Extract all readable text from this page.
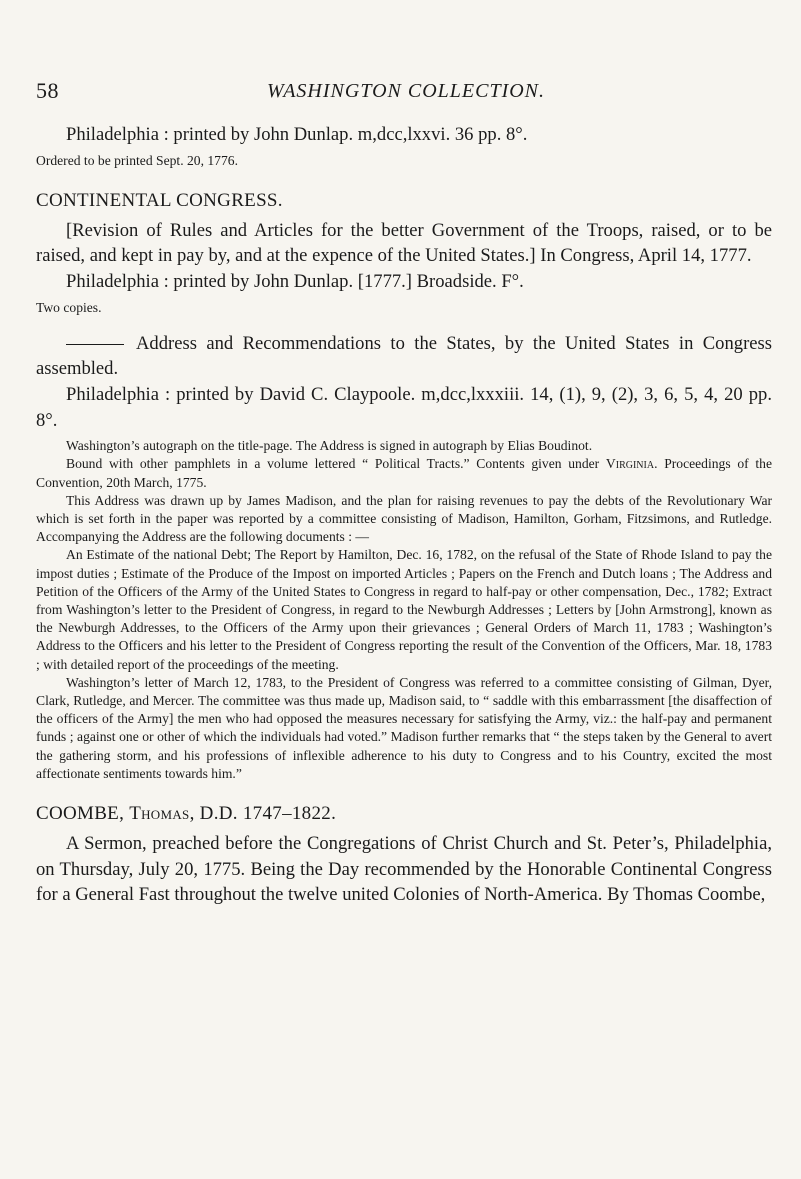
58	WASHINGTON COLLECTION.

Philadelphia : printed by John Dunlap. m,dcc,lxxvi. 36 pp. 8°.

Ordered to be printed Sept. 20, 1776.

CONTINENTAL CONGRESS.

[Revision of Rules and Articles for the better Government of the Troops, raised, or to be raised, and kept in pay by, and at the expence of the United States.] In Congress, April 14, 1777.

Philadelphia : printed by John Dunlap. [1777.] Broadside. F°.

Two copies.

Address and Recommendations to the States, by the United States in Congress assembled.

Philadelphia : printed by David C. Claypoole. m,dcc,lxxxiii. 14, (1), 9, (2), 3, 6, 5, 4, 20 pp. 8°.

Washington’s autograph on the title-page. The Address is signed in autograph by Elias Boudinot.

Bound with other pamphlets in a volume lettered “ Political Tracts.” Contents given under Virginia. Proceedings of the Convention, 20th March, 1775.

This Address was drawn up by James Madison, and the plan for raising revenues to pay the debts of the Revolutionary War which is set forth in the paper was reported by a committee consisting of Madison, Hamilton, Gorham, Fitzsimons, and Rutledge. Accompanying the Address are the following documents : —

An Estimate of the national Debt; The Report by Hamilton, Dec. 16, 1782, on the refusal of the State of Rhode Island to pay the impost duties ; Estimate of the Produce of the Impost on imported Articles ; Papers on the French and Dutch loans ; The Address and Petition of the Officers of the Army of the United States to Congress in regard to half-pay or other compensation, Dec., 1782; Extract from Washington’s letter to the President of Congress, in regard to the Newburgh Addresses ; Letters by [John Armstrong], known as the Newburgh Addresses, to the Officers of the Army upon their grievances ; General Orders of March 11, 1783 ; Washington’s Address to the Officers and his letter to the President of Congress reporting the result of the Convention of the Officers, Mar. 18, 1783 ; with detailed report of the proceedings of the meeting.

Washington’s letter of March 12, 1783, to the President of Congress was referred to a committee consisting of Gilman, Dyer, Clark, Rutledge, and Mercer. The committee was thus made up, Madison said, to “ saddle with this embarrassment [the disaffection of the officers of the Army] the men who had opposed the measures necessary for satisfying the Army, viz.: the half-pay and permanent funds ; against one or other of which the individuals had voted.” Madison further remarks that “ the steps taken by the General to avert the gathering storm, and his professions of inflexible adherence to his duty to Congress and to his Country, excited the most affectionate sentiments towards him.”

COOMBE, Thomas, D.D. 1747–1822.

A Sermon, preached before the Congregations of Christ Church and St. Peter’s, Philadelphia, on Thursday, July 20, 1775. Being the Day recommended by the Honorable Continental Congress for a General Fast throughout the twelve united Colonies of North-America. By Thomas Coombe,
